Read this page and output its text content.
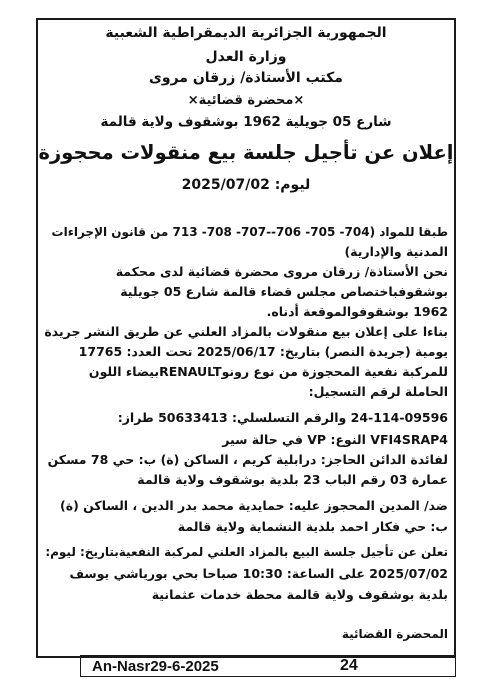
الجمهورية الجزائرية الديمقراطية الشعبية
وزارة العدل
مكتب الأستاذة/ زرقان مروى
×محضرة قضائية×
شارع 05 جويلية 1962 بوشقوف ولاية قالمة
إعلان عن تأجيل جلسة بيع منقولات محجوزة
ليوم: 2025/07/02
طبقا للمواد (704- 705- 706--707- 708- 713 من قانون الإجراءات
المدنية والإدارية)
نحن الأستاذة/ زرقان مروى محضرة قضائية لدى محكمة
بوشقوفباختصاص مجلس قضاء قالمة شارع 05 جويلية
1962 بوشقوفوالموقعة أدناه.
بناءا على إعلان بيع منقولات بالمزاد العلني عن طريق النشر جريدة
يومية (جريدة النصر) بتاريخ: 2025/06/17 تحت العدد: 17765
للمركبة نفعية المحجوزة من نوع رونوRENAULTبيضاء اللون
الحاملة لرقم التسجيل:
24-114-09596 والرقم التسلسلي: 50633413 طراز:
VFI4SRAP4 النوع: VP في حالة سير
لفائدة الدائن الحاجز: درابلية كريم ، الساكن (ة) ب: حي 78 مسكن
عمارة 03 رقم الباب 23 بلدية بوشقوف ولاية قالمة
ضد/ المدين المحجوز عليه: حمايدية محمد بدر الدين ، الساكن (ة)
ب: حي فكار احمد بلدية النشماية ولاية قالمة
تعلن عن تأجيل جلسة البيع بالمزاد العلني لمركبة النفعيةبتاريخ: ليوم:
2025/07/02 على الساعة: 10:30 صباحا بحي بورياشي يوسف
بلدية بوشقوف ولاية قالمة محطة خدمات عثمانية
المحضرة القضائية
An-Nasr29-6-2025	24
